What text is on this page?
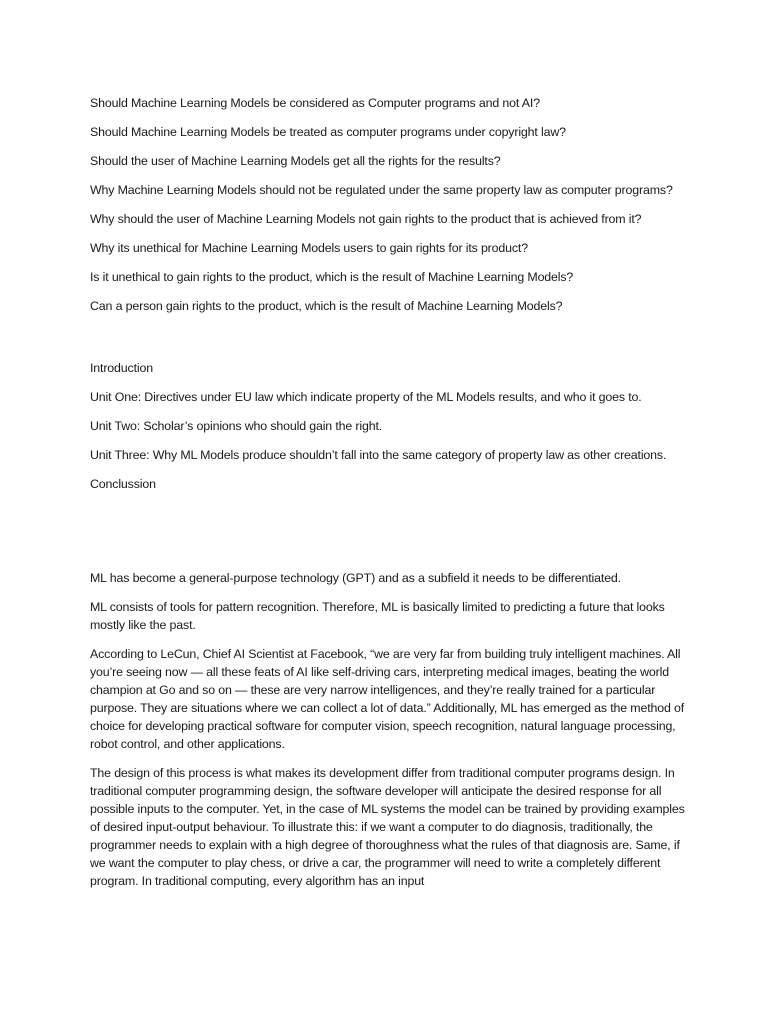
Should Machine Learning Models be considered as Computer programs and not AI?

Should Machine Learning Models be treated as computer programs under copyright law?

Should the user of Machine Learning Models get all the rights for the results?

Why Machine Learning Models should not be regulated under the same property law as computer programs?

Why should the user of Machine Learning Models not gain rights to the product that is achieved from it?

Why its unethical for Machine Learning Models users to gain rights for its product?

Is it unethical to gain rights to the product, which is the result of Machine Learning Models?

Can a person gain rights to the product, which is the result of Machine Learning Models?

Introduction

Unit One: Directives under EU law which indicate property of the ML Models results, and who it goes to.

Unit Two: Scholar’s opinions who should gain the right.

Unit Three: Why ML Models produce shouldn’t fall into the same category of property law as other creations.

Conclussion

ML has become a general-purpose technology (GPT) and as a subfield it needs to be differentiated.

ML consists of tools for pattern recognition. Therefore, ML is basically limited to predicting a future that looks mostly like the past.

According to LeCun, Chief AI Scientist at Facebook, “we are very far from building truly intelligent machines. All you’re seeing now — all these feats of AI like self-driving cars, interpreting medical images, beating the world champion at Go and so on — these are very narrow intelligences, and they’re really trained for a particular purpose. They are situations where we can collect a lot of data.” Additionally, ML has emerged as the method of choice for developing practical software for computer vision, speech recognition, natural language processing, robot control, and other applications.

The design of this process is what makes its development differ from traditional computer programs design. In traditional computer programming design, the software developer will anticipate the desired response for all possible inputs to the computer. Yet, in the case of ML systems the model can be trained by providing examples of desired input-output behaviour. To illustrate this: if we want a computer to do diagnosis, traditionally, the programmer needs to explain with a high degree of thoroughness what the rules of that diagnosis are. Same, if we want the computer to play chess, or drive a car, the programmer will need to write a completely different program. In traditional computing, every algorithm has an input
